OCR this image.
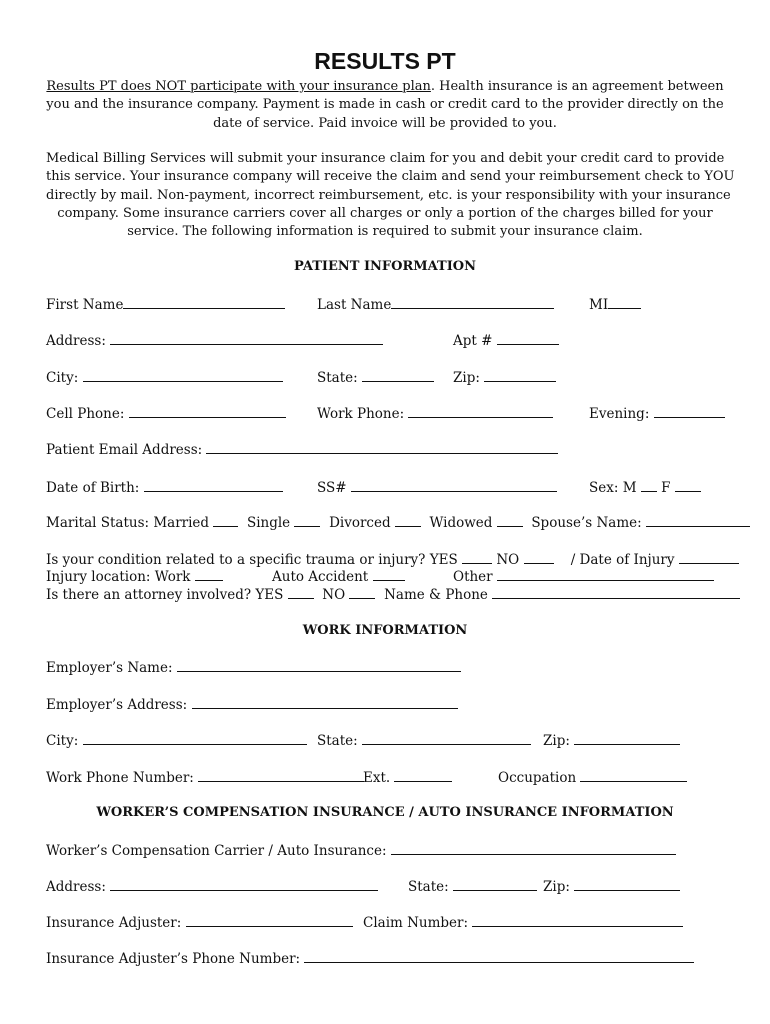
RESULTS PT
Results PT does NOT participate with your insurance plan. Health insurance is an agreement between
you and the insurance company. Payment is made in cash or credit card to the provider directly on the
date of service. Paid invoice will be provided to you.
Medical Billing Services will submit your insurance claim for you and debit your credit card to provide
this service. Your insurance company will receive the claim and send your reimbursement check to YOU
directly by mail. Non-payment, incorrect reimbursement, etc. is your responsibility with your insurance
company. Some insurance carriers cover all charges or only a portion of the charges billed for your
service. The following information is required to submit your insurance claim.
PATIENT INFORMATION
First Name	Last Name	MI
Address:	Apt #
City:	State:	Zip:
Cell Phone:	Work Phone:	Evening:
Patient Email Address:
Date of Birth:	SS#	Sex: M F
Marital Status: Married	Single	Divorced	Widowed	Spouse’s Name:
Is your condition related to a specific trauma or injury? YES	NO	/ Date of Injury
Injury location: Work	Auto Accident	Other
Is there an attorney involved? YES	NO	Name & Phone
WORK INFORMATION
Employer’s Name:
Employer’s Address:
City:	State:	Zip:
Work Phone Number:	Ext.	Occupation
WORKER’S COMPENSATION INSURANCE / AUTO INSURANCE INFORMATION
Worker’s Compensation Carrier / Auto Insurance:
Address:	State:	Zip:
Insurance Adjuster:	Claim Number:
Insurance Adjuster’s Phone Number:
